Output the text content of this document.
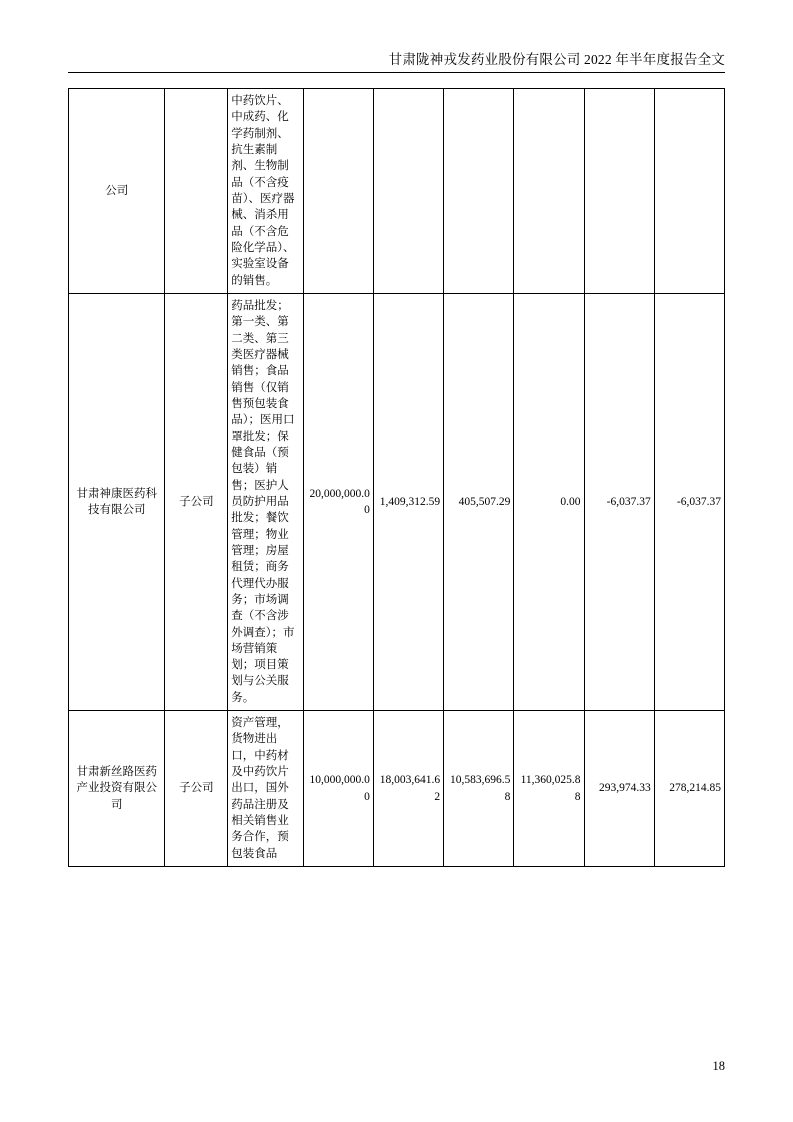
甘肃陇神戎发药业股份有限公司 2022 年半年度报告全文
公司		中药饮片、中成药、化学药制剂、抗生素制剂、生物制品（不含疫苗）、医疗器械、消杀用品（不含危险化学品）、实验室设备的销售。						

甘肃神康医药科技有限公司	子公司	药品批发；第一类、第二类、第三类医疗器械销售；食品销售（仅销售预包装食品）；医用口罩批发；保健食品（预包装）销售；医护人员防护用品批发；餐饮管理；物业管理；房屋租赁；商务代理代办服务；市场调查（不含涉外调查）；市场营销策划；项目策划与公关服务。	20,000,000.00	1,409,312.59	405,507.29	0.00	-6,037.37	-6,037.37

甘肃新丝路医药产业投资有限公司	子公司	资产管理，货物进出口，中药材及中药饮片出口，国外药品注册及相关销售业务合作，预包装食品	10,000,000.00	18,003,641.62	10,583,696.58	11,360,025.88	293,974.33	278,214.85
18
